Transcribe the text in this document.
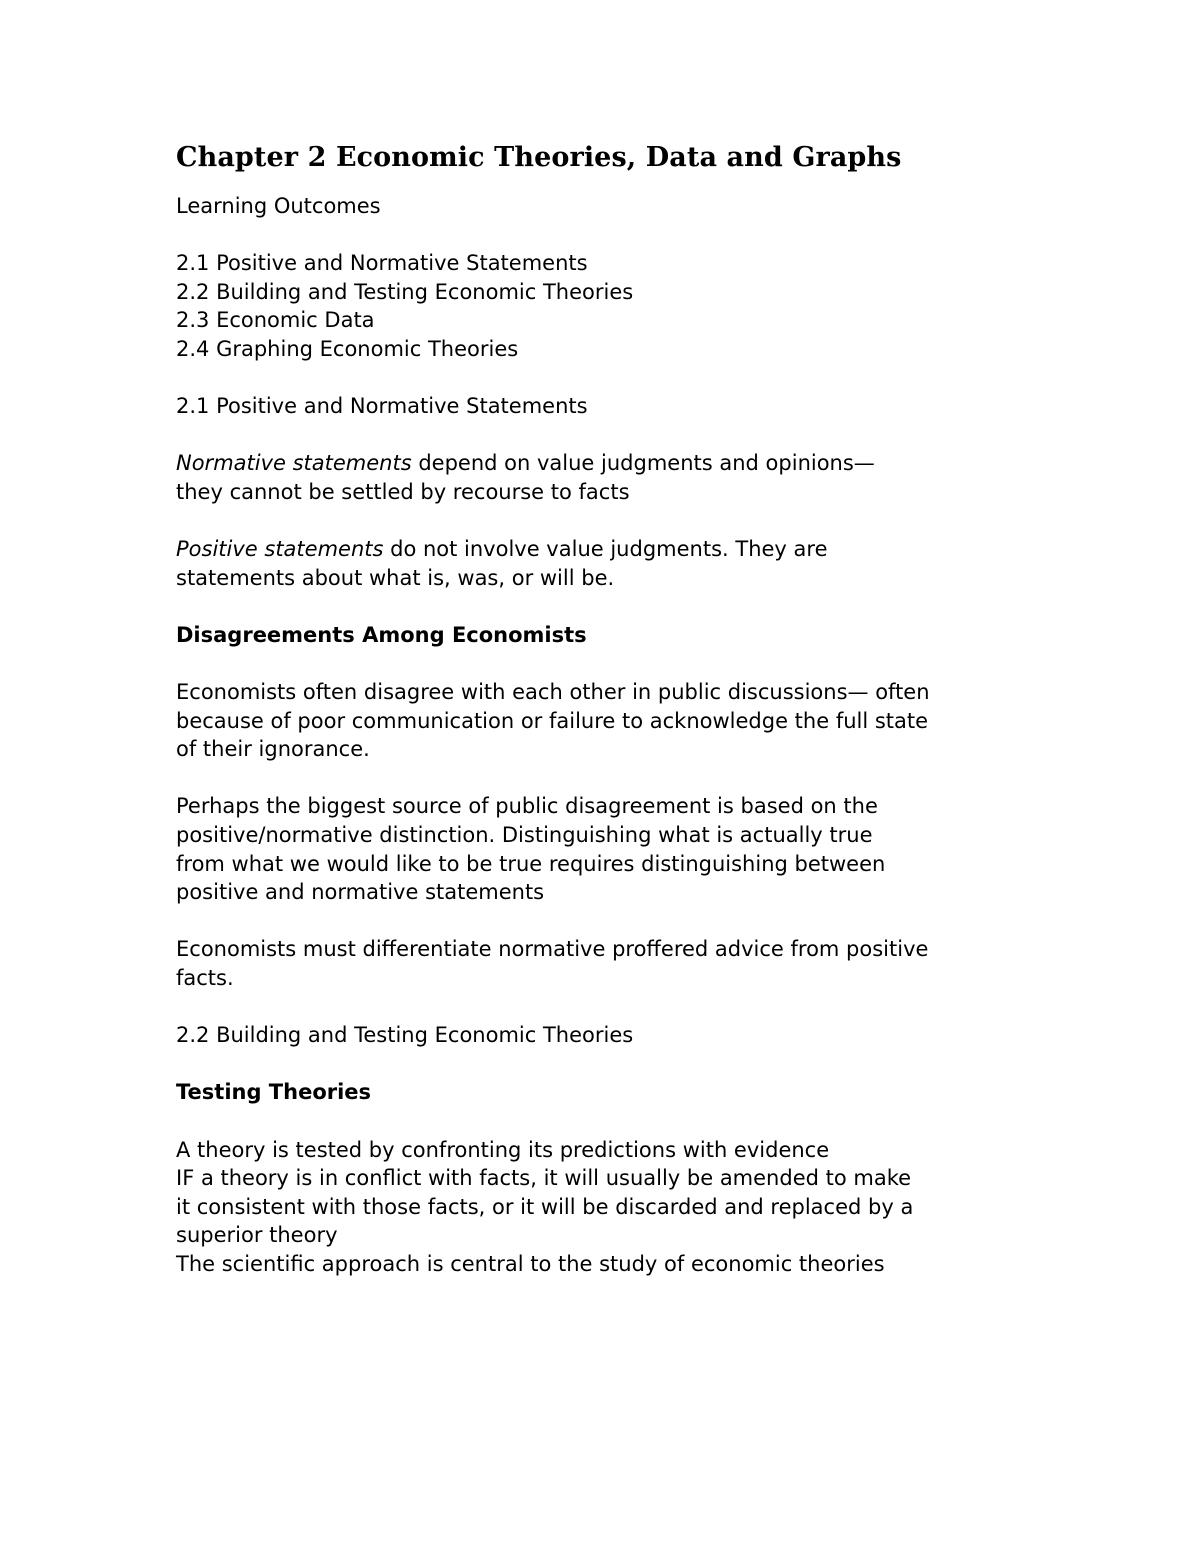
Chapter 2 Economic Theories, Data and Graphs

Learning Outcomes

2.1 Positive and Normative Statements
2.2 Building and Testing Economic Theories
2.3 Economic Data
2.4 Graphing Economic Theories

2.1 Positive and Normative Statements

Normative statements depend on value judgments and opinions—
they cannot be settled by recourse to facts
Positive statements do not involve value judgments. They are
statements about what is, was, or will be.

Disagreements Among Economists

Economists often disagree with each other in public discussions— often
because of poor communication or failure to acknowledge the full state
of their ignorance.
Perhaps the biggest source of public disagreement is based on the
positive/normative distinction. Distinguishing what is actually true
from what we would like to be true requires distinguishing between
positive and normative statements
Economists must differentiate normative proffered advice from positive
facts.

2.2 Building and Testing Economic Theories

Testing Theories

A theory is tested by confronting its predictions with evidence
IF a theory is in conflict with facts, it will usually be amended to make
it consistent with those facts, or it will be discarded and replaced by a
superior theory
The scientific approach is central to the study of economic theories
